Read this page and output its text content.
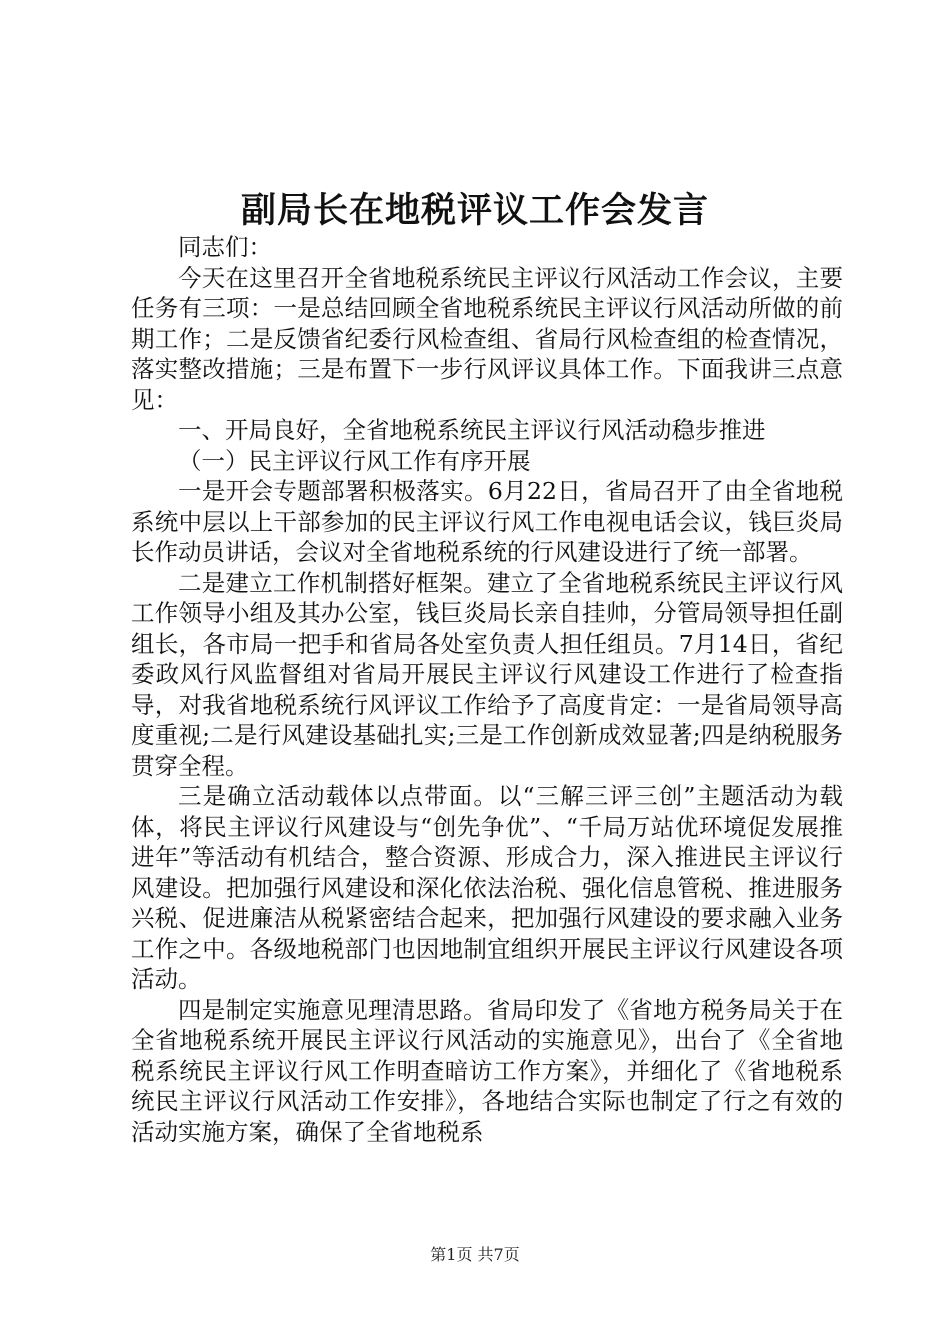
副局长在地税评议工作会发言

同志们：

今天在这里召开全省地税系统民主评议行风活动工作会议，主要任务有三项：一是总结回顾全省地税系统民主评议行风活动所做的前期工作；二是反馈省纪委行风检查组、省局行风检查组的检查情况，落实整改措施；三是布置下一步行风评议具体工作。下面我讲三点意见：

一、开局良好，全省地税系统民主评议行风活动稳步推进

（一）民主评议行风工作有序开展

一是开会专题部署积极落实。6月22日，省局召开了由全省地税系统中层以上干部参加的民主评议行风工作电视电话会议，钱巨炎局长作动员讲话，会议对全省地税系统的行风建设进行了统一部署。

二是建立工作机制搭好框架。建立了全省地税系统民主评议行风工作领导小组及其办公室，钱巨炎局长亲自挂帅，分管局领导担任副组长，各市局一把手和省局各处室负责人担任组员。7月14日，省纪委政风行风监督组对省局开展民主评议行风建设工作进行了检查指导，对我省地税系统行风评议工作给予了高度肯定：一是省局领导高度重视;二是行风建设基础扎实;三是工作创新成效显著;四是纳税服务贯穿全程。

三是确立活动载体以点带面。以“三解三评三创”主题活动为载体，将民主评议行风建设与“创先争优”、“千局万站优环境促发展推进年”等活动有机结合，整合资源、形成合力，深入推进民主评议行风建设。把加强行风建设和深化依法治税、强化信息管税、推进服务兴税、促进廉洁从税紧密结合起来，把加强行风建设的要求融入业务工作之中。各级地税部门也因地制宜组织开展民主评议行风建设各项活动。

四是制定实施意见理清思路。省局印发了《省地方税务局关于在全省地税系统开展民主评议行风活动的实施意见》，出台了《全省地税系统民主评议行风工作明查暗访工作方案》，并细化了《省地税系统民主评议行风活动工作安排》，各地结合实际也制定了行之有效的活动实施方案，确保了全省地税系

第1页 共7页
